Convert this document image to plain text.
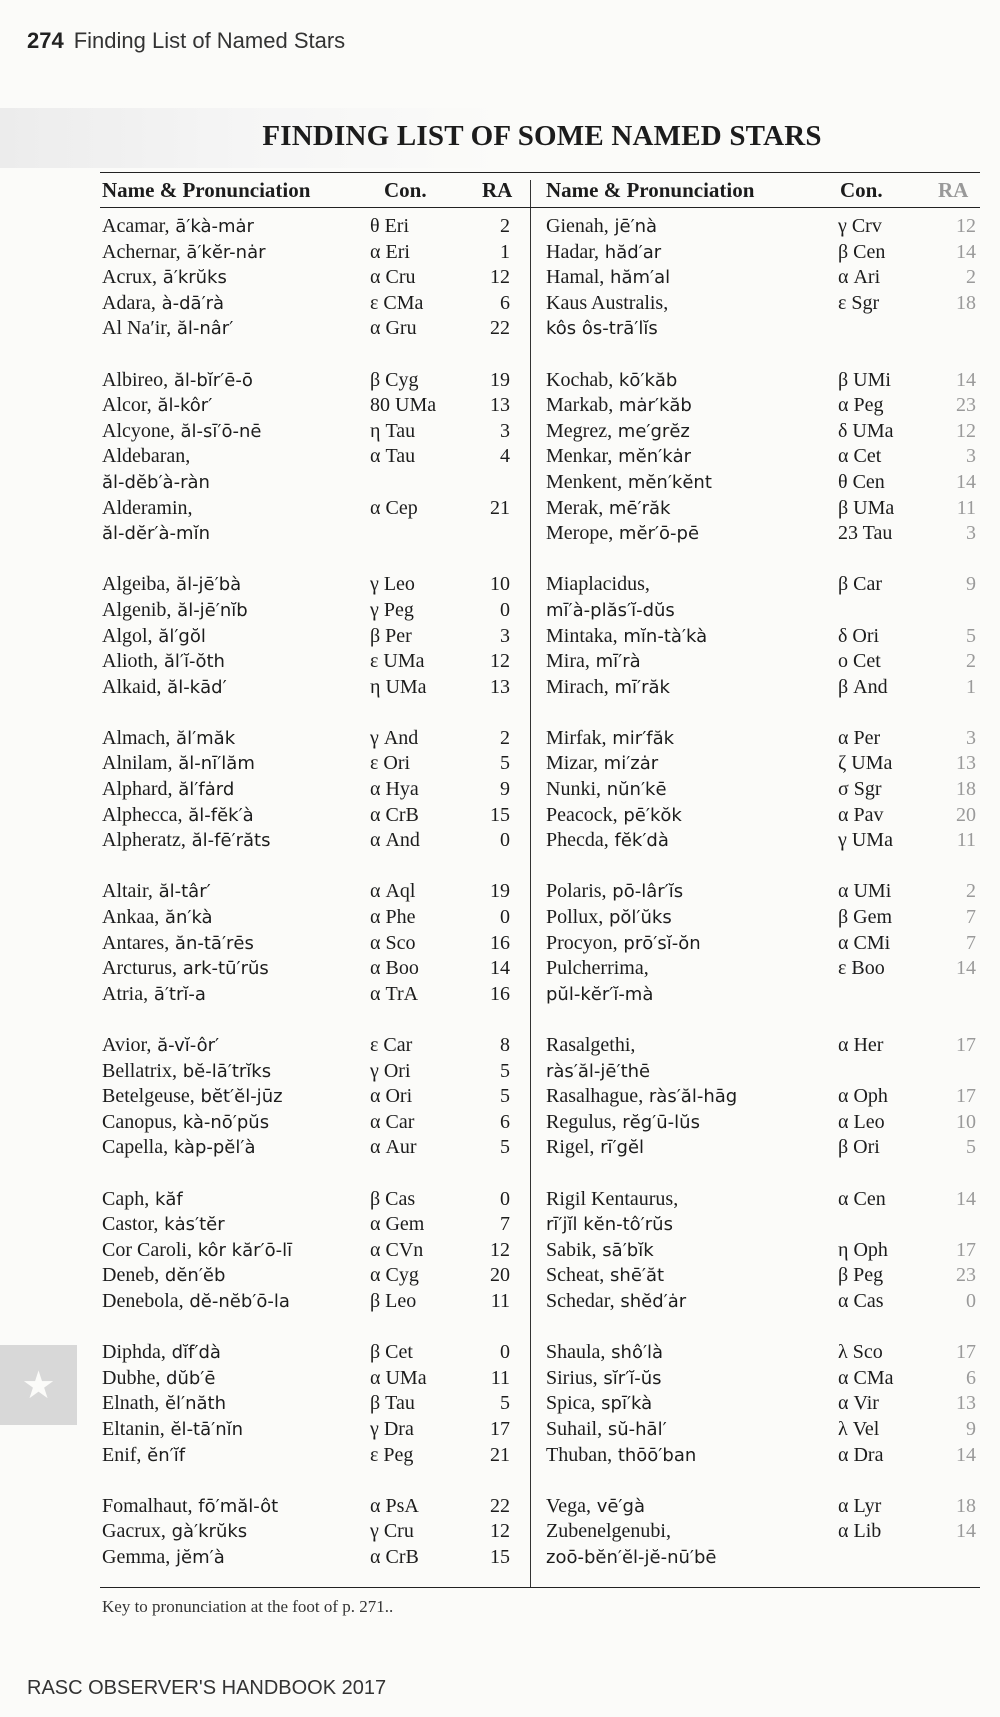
274 Finding List of Named Stars
FINDING LIST OF SOME NAMED STARS
Name & Pronunciation	Con.	RA Name & Pronunciation	Con.	RA
Acamar, ā′kà-mȧr	θ Eri	2
Achernar, ā′kĕr-nȧr	α Eri	1
Acrux, ā′krŭks	α Cru	12
Adara, à-dā′rà	ε CMa	6
Al Na′ir, ăl-nâr′	α Gru	22
Albireo, ăl-bĭr′ē-ō	β Cyg	19
Alcor, ăl-kôr′	80 UMa	13
Alcyone, ăl-sī′ō-nē	η Tau	3
Aldebaran,	α Tau	4
ăl-dĕb′à-ràn
Alderamin,	α Cep	21
ăl-dĕr′à-mĭn
Algeiba, ăl-jē′bà	γ Leo	10
Algenib, ăl-jē′nĭb	γ Peg	0
Algol, ăl′gŏl	β Per	3
Alioth, ăl′ĭ-ŏth	ε UMa	12
Alkaid, ăl-kād′	η UMa	13
Almach, ăl′măk	γ And	2
Alnilam, ăl-nī′lăm	ε Ori	5
Alphard, ăl′fȧrd	α Hya	9
Alphecca, ăl-fĕk′à	α CrB	15
Alpheratz, ăl-fē′răts	α And	0
Altair, ăl-târ′	α Aql	19
Ankaa, ăn′kà	α Phe	0
Antares, ăn-tā′rēs	α Sco	16
Arcturus, ark-tū′rŭs	α Boo	14
Atria, ā′trĭ-a	α TrA	16
Avior, ă-vĭ-ôr′	ε Car	8
Bellatrix, bĕ-lā′trĭks	γ Ori	5
Betelgeuse, bĕt′ĕl-jūz	α Ori	5
Canopus, kà-nō′pŭs	α Car	6
Capella, kàp-pĕl′à	α Aur	5
Caph, kăf	β Cas	0
Castor, kȧs′tĕr	α Gem	7
Cor Caroli, kôr kăr′ō-lī	α CVn	12
Deneb, dĕn′ĕb	α Cyg	20
Denebola, dĕ-nĕb′ō-la	β Leo	11
Diphda, dĭf′dà	β Cet	0
Dubhe, dŭb′ē	α UMa	11
Elnath, ĕl′năth	β Tau	5
Eltanin, ĕl-tā′nĭn	γ Dra	17
Enif, ĕn′ĭf	ε Peg	21
Fomalhaut, fō′măl-ôt	α PsA	22
Gacrux, gà′krŭks	γ Cru	12
Gemma, jĕm′à	α CrB	15
Gienah, jē′nà	γ Crv	12
Hadar, hăd′ar	β Cen	14
Hamal, hăm′al	α Ari	2
Kaus Australis,	ε Sgr	18
kôs ôs-trā′lĭs
Kochab, kō′kăb	β UMi	14
Markab, mȧr′kăb	α Peg	23
Megrez, me′grĕz	δ UMa	12
Menkar, mĕn′kȧr	α Cet	3
Menkent, mĕn′kĕnt	θ Cen	14
Merak, mē′răk	β UMa	11
Merope, mĕr′ō-pē	23 Tau	3
Miaplacidus,	β Car	9
mī′à-plăs′ĭ-dŭs
Mintaka, mĭn-tà′kà	δ Ori	5
Mira, mī′rà	ο Cet	2
Mirach, mī′răk	β And	1
Mirfak, mir′făk	α Per	3
Mizar, mi′zȧr	ζ UMa	13
Nunki, nŭn′kē	σ Sgr	18
Peacock, pē′kŏk	α Pav	20
Phecda, fĕk′dà	γ UMa	11
Polaris, pō-lâr′ĭs	α UMi	2
Pollux, pŏl′ŭks	β Gem	7
Procyon, prō′sĭ-ŏn	α CMi	7
Pulcherrima,	ε Boo	14
pŭl-kĕr′ĭ-mà
Rasalgethi,	α Her	17
ràs′ăl-jē′thē
Rasalhague, ràs′ăl-hāg	α Oph	17
Regulus, rĕg′ū-lŭs	α Leo	10
Rigel, rī′gĕl	β Ori	5
Rigil Kentaurus,	α Cen	14
rī′jĭl kĕn-tô′rŭs
Sabik, sā′bĭk	η Oph	17
Scheat, shē′ăt	β Peg	23
Schedar, shĕd′ȧr	α Cas	0
Shaula, shô′là	λ Sco	17
Sirius, sĭr′ĭ-ŭs	α CMa	6
Spica, spī′kà	α Vir	13
Suhail, sŭ-hāl′	λ Vel	9
Thuban, thōō′ban	α Dra	14
Vega, vē′gà	α Lyr	18
Zubenelgenubi,	α Lib	14
zoō-bĕn′ĕl-jĕ-nū′bē
Key to pronunciation at the foot of p. 271..
RASC OBSERVER'S HANDBOOK 2017
★
